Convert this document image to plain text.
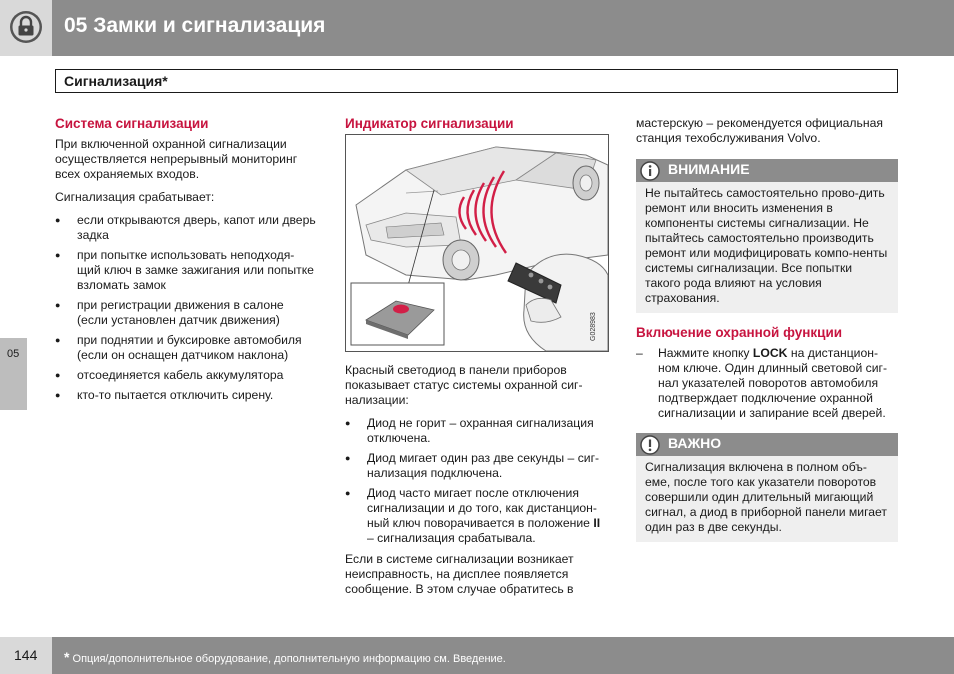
05 Замки и сигнализация
Сигнализация*
05
Система сигнализации

При включенной охранной сигнализации осуществляется непрерывный мониторинг всех охраняемых входов.

Сигнализация срабатывает:

● если открываются дверь, капот или дверь задка
● при попытке использовать неподходя-щий ключ в замке зажигания или попытке взломать замок
● при регистрации движения в салоне (если установлен датчик движения)
● при поднятии и буксировке автомобиля (если он оснащен датчиком наклона)
● отсоединяется кабель аккумулятора
● кто-то пытается отключить сирену.
Индикатор сигнализации
G028983

Красный светодиод в панели приборов показывает статус системы охранной сиг-нализации:

● Диод не горит – охранная сигнализация отключена.
● Диод мигает один раз две секунды – сиг-нализация подключена.
● Диод часто мигает после отключения сигнализации и до того, как дистанцион-ный ключ поворачивается в положение II – сигнализация срабатывала.

Если в системе сигнализации возникает неисправность, на дисплее появляется сообщение. В этом случае обратитесь в

мастерскую – рекомендуется официальная станция техобслуживания Volvo.

ВНИМАНИЕ
Не пытайтесь самостоятельно прово-дить ремонт или вносить изменения в компоненты системы сигнализации. Не пытайтесь самостоятельно производить ремонт или модифицировать компо-ненты системы сигнализации. Все попытки такого рода влияют на условия страхования.
Включение охранной функции
– Нажмите кнопку LOCK на дистанцион-ном ключе. Один длинный световой сиг-нал указателей поворотов автомобиля подтверждает подключение охранной сигнализации и запирание всей дверей.
ВАЖНО
Сигнализация включена в полном объ-еме, после того как указатели поворотов совершили один длительный мигающий сигнал, а диод в приборной панели мигает один раз в две секунды.
144 * Опция/дополнительное оборудование, дополнительную информацию см. Введение.
